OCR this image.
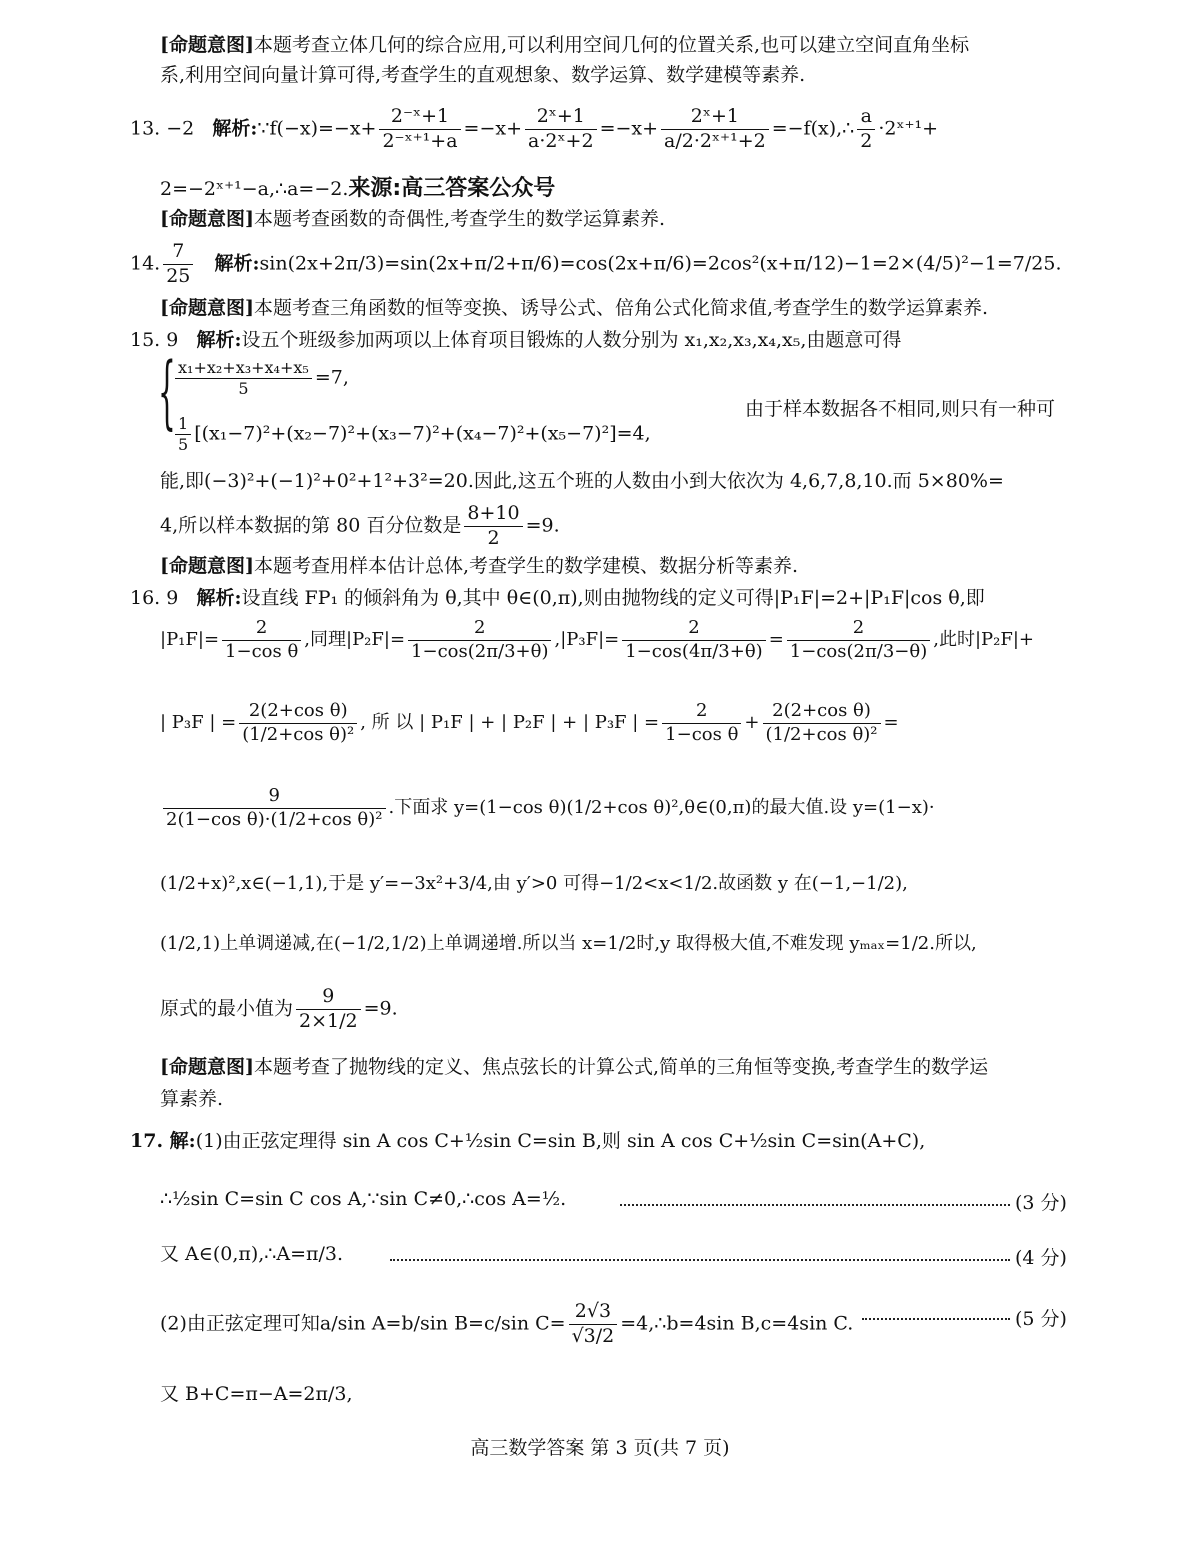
[命题意图]本题考查立体几何的综合应用,可以利用空间几何的位置关系,也可以建立空间直角坐标
系,利用空间向量计算可得,考查学生的直观想象、数学运算、数学建模等素养.
13. −2 解析:∵f(−x)=−x+ $\frac{\text{2⁻ˣ+1}}{\text{2⁻ˣ⁺¹+a}} =-x+ \frac{\text{2ˣ+1}}{\text{a·2ˣ+2}} =-x+ \frac{\text{2ˣ+1}}{\text{a/2·2ˣ⁺¹+2}}$ =−f(x),∴ $\frac{a}{2}$ ·2ˣ⁺¹+
2=−2ˣ⁺¹−a,∴a=−2.来源:高三答案公众号
[命题意图]本题考查函数的奇偶性,考查学生的数学运算素养.
14. $\frac{7}{25}$ 解析:sin(2x+2π/3)=sin(2x+π/2+π/6)=cos(2x+π/6)=2cos²(x+π/12)−1=2×(4/5)²−1=7/25.
[命题意图]本题考查三角函数的恒等变换、诱导公式、倍角公式化简求值,考查学生的数学运算素养.
15. 9 解析:设五个班级参加两项以上体育项目锻炼的人数分别为 x₁,x₂,x₃,x₄,x₅,由题意可得
{ $\frac{\text{x₁+x₂+x₃+x₄+x₅}}{5} =7$,
$\frac{1}{5} [(x_1-7)^2+(x_2-7)^2+(x_3-7)^2+(x_4-7)^2+(x_5-7)^2]=4$,
由于样本数据各不相同,则只有一种可
能,即(−3)²+(−1)²+0²+1²+3²=20.因此,这五个班的人数由小到大依次为 4,6,7,8,10.而 5×80%=
4,所以样本数据的第 80 百分位数是 $\frac{8+10}{2} =9$.
[命题意图]本题考查用样本估计总体,考查学生的数学建模、数据分析等素养.
16. 9 解析:设直线 FP₁ 的倾斜角为 θ,其中 θ∈(0,π),则由抛物线的定义可得|P₁F|=2+|P₁F|cos θ,即
$|P_1F|= \frac{2}{\text{1−cos θ}}$ ,同理$|P_2F|= \frac{2}{1-\cos(2\pi/3+\theta)} ,|P_3F|= \frac{2}{1-\cos(4\pi/3+\theta)} = \frac{2}{1-\cos(2\pi/3-\theta)}$ ,此时|P₂F|+
| P₃F | = $\frac{\text{2(2+cos θ)}}{\text{(1/2+cos θ)²}}$ , 所 以 | P₁F | + | P₂F | + | P₃F | = $\frac{2}{\text{1−cos θ}} + \frac{\text{2(2+cos θ)}}{\text{(1/2+cos θ)²}}$ =
$\frac{9}{\text{2(1−cos θ)·(1/2+cos θ)²}}$ .下面求 y=(1−cos θ)(1/2+cos θ)²,θ∈(0,π)的最大值.设 y=(1−x)·
(1/2+x)²,x∈(−1,1),于是 y′=−3x²+3/4,由 y′>0 可得−1/2<x<1/2.故函数 y 在(−1,−1/2),
(1/2,1)上单调递减,在(−1/2,1/2)上单调递增.所以当 x=1/2时,y 取得极大值,不难发现 yₘₐₓ=1/2.所以,
原式的最小值为 $\frac{9}{2\times 1/2} =9$.
[命题意图]本题考查了抛物线的定义、焦点弦长的计算公式,简单的三角恒等变换,考查学生的数学运
算素养.
17. 解:(1)由正弦定理得 sin A cos C+½sin C=sin B,则 sin A cos C+½sin C=sin(A+C),
∴½sin C=sin C cos A,∵sin C≠0,∴cos A=½.	(3 分)
又 A∈(0,π),∴A=π/3.	(4 分)
(2)由正弦定理可知a/sin A=b/sin B=c/sin $C= \frac{2√3}{√3/2}$ =4,∴b=4sin B,c=4sin C.	(5 分)
又 B+C=π−A=2π/3,
高三数学答案 第 3 页(共 7 页)
